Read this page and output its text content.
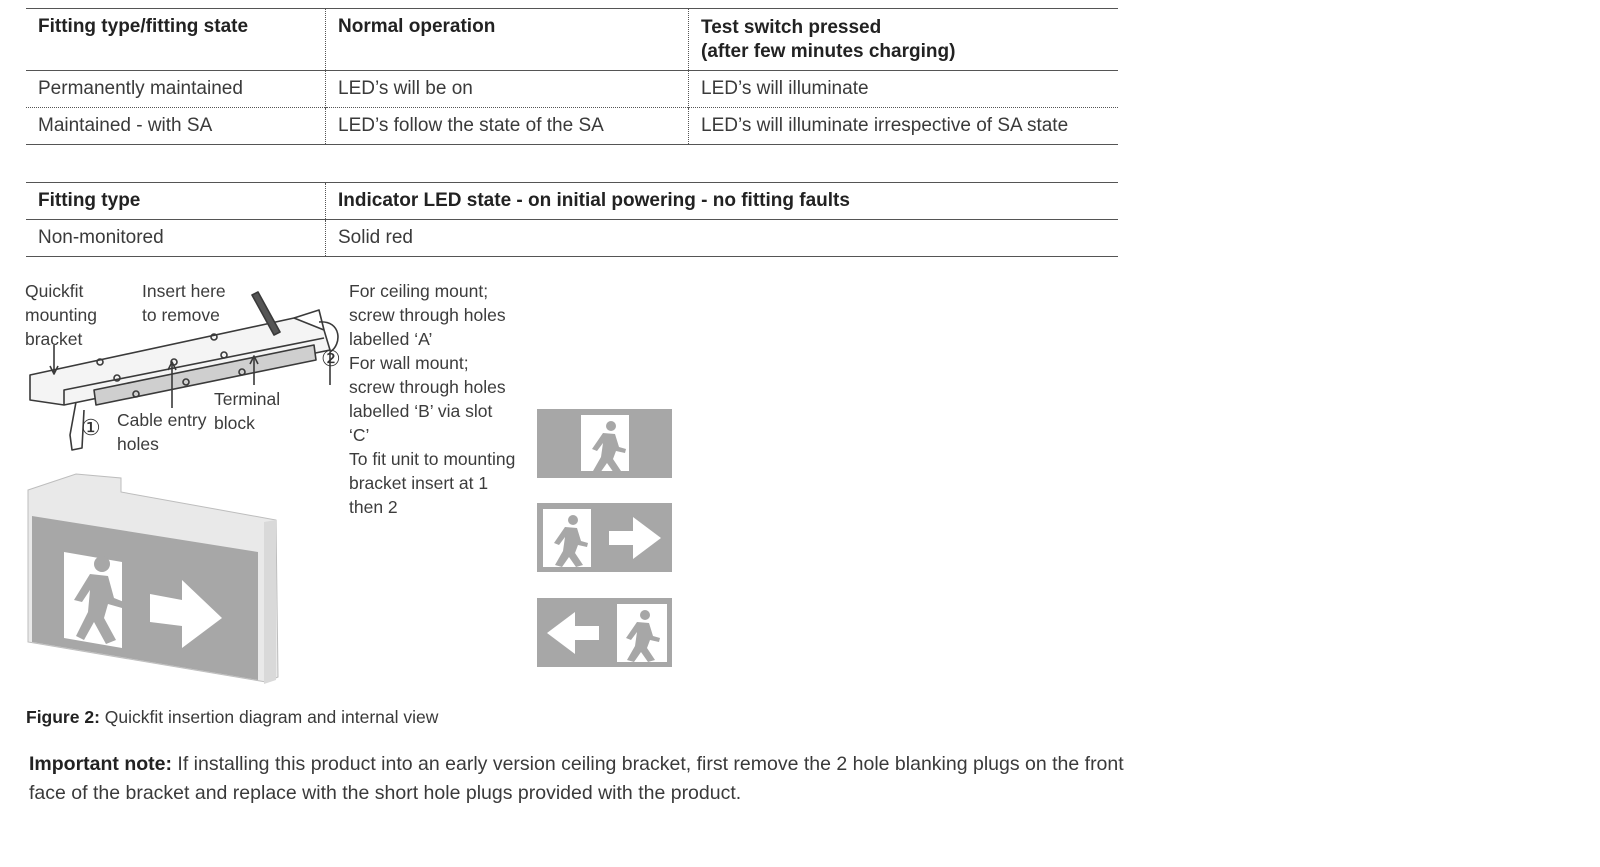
Fitting type/fitting state	Normal operation	Test switch pressed
(after few minutes charging)

Permanently maintained	LED’s will be on	LED’s will illuminate
Maintained - with SA	LED’s follow the state of the SA	LED’s will illuminate irrespective of SA state
Fitting type	Indicator LED state - on initial powering - no fitting faults
Non-monitored	Solid red
Quickfit
mounting
bracket
Insert here
to remove
Terminal
block
Cable entry
holes
①
②
For ceiling mount;
screw through holes
labelled ‘A’
For wall mount;
screw through holes
labelled ‘B’ via slot
‘C’
To fit unit to mounting
bracket insert at 1
then 2
Figure 2: Quickfit insertion diagram and internal view
Important note: If installing this product into an early version ceiling bracket, first remove the 2 hole blanking plugs on the front face of the bracket and replace with the short hole plugs provided with the product.
